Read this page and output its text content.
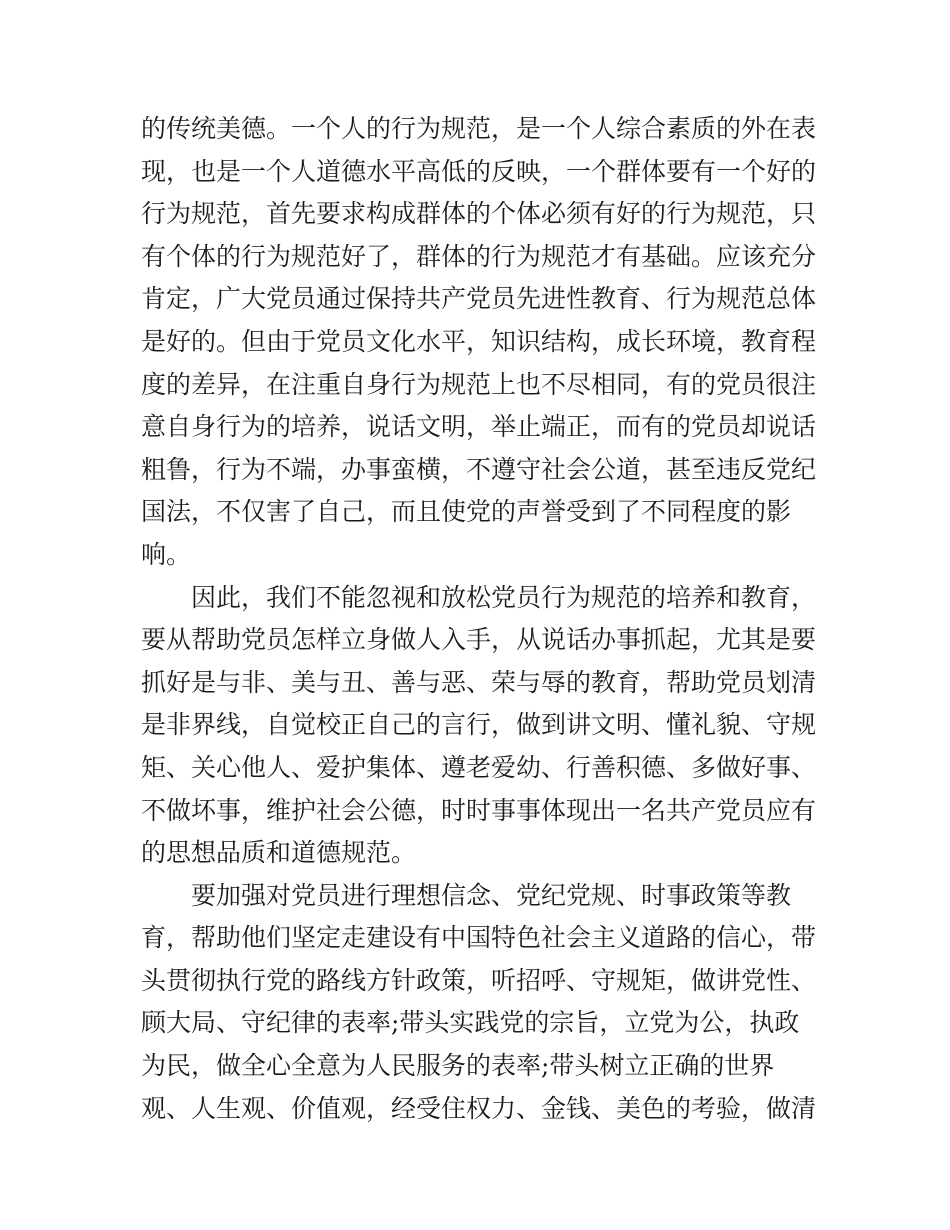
的传统美德。一个人的行为规范，是一个人综合素质的外在表
现，也是一个人道德水平高低的反映，一个群体要有一个好的
行为规范，首先要求构成群体的个体必须有好的行为规范，只
有个体的行为规范好了，群体的行为规范才有基础。应该充分
肯定，广大党员通过保持共产党员先进性教育、行为规范总体
是好的。但由于党员文化水平，知识结构，成长环境，教育程
度的差异，在注重自身行为规范上也不尽相同，有的党员很注
意自身行为的培养，说话文明，举止端正，而有的党员却说话
粗鲁，行为不端，办事蛮横，不遵守社会公道，甚至违反党纪
国法，不仅害了自己，而且使党的声誉受到了不同程度的影
响。
因此，我们不能忽视和放松党员行为规范的培养和教育，
要从帮助党员怎样立身做人入手，从说话办事抓起，尤其是要
抓好是与非、美与丑、善与恶、荣与辱的教育，帮助党员划清
是非界线，自觉校正自己的言行，做到讲文明、懂礼貌、守规
矩、关心他人、爱护集体、遵老爱幼、行善积德、多做好事、
不做坏事，维护社会公德，时时事事体现出一名共产党员应有
的思想品质和道德规范。
要加强对党员进行理想信念、党纪党规、时事政策等教
育，帮助他们坚定走建设有中国特色社会主义道路的信心，带
头贯彻执行党的路线方针政策，听招呼、守规矩，做讲党性、
顾大局、守纪律的表率;带头实践党的宗旨，立党为公，执政
为民，做全心全意为人民服务的表率;带头树立正确的世界
观、人生观、价值观，经受住权力、金钱、美色的考验，做清
